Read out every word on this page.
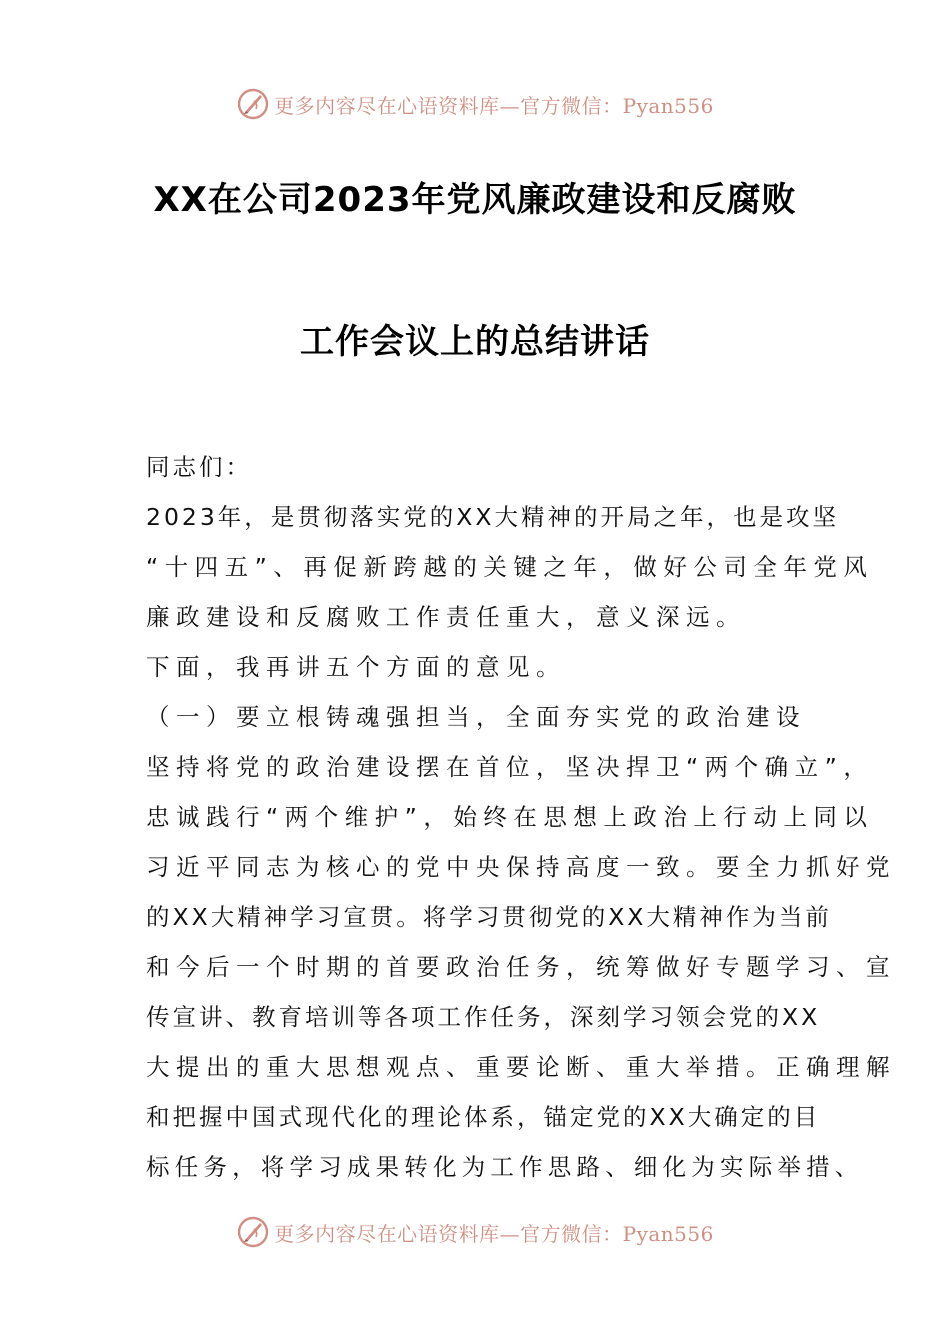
更多内容尽在心语资料库—官方微信：Pyan556
XX在公司2023年党风廉政建设和反腐败
工作会议上的总结讲话
同志们：
2023年，是贯彻落实党的XX大精神的开局之年，也是攻坚
“十四五”、再促新跨越的关键之年，做好公司全年党风
廉政建设和反腐败工作责任重大，意义深远。
下面，我再讲五个方面的意见。
（一）要立根铸魂强担当，全面夯实党的政治建设
坚持将党的政治建设摆在首位，坚决捍卫“两个确立”，
忠诚践行“两个维护”，始终在思想上政治上行动上同以
习近平同志为核心的党中央保持高度一致。要全力抓好党
的XX大精神学习宣贯。将学习贯彻党的XX大精神作为当前
和今后一个时期的首要政治任务，统筹做好专题学习、宣
传宣讲、教育培训等各项工作任务，深刻学习领会党的XX
大提出的重大思想观点、重要论断、重大举措。正确理解
和把握中国式现代化的理论体系，锚定党的XX大确定的目
标任务，将学习成果转化为工作思路、细化为实际举措、
更多内容尽在心语资料库—官方微信：Pyan556
